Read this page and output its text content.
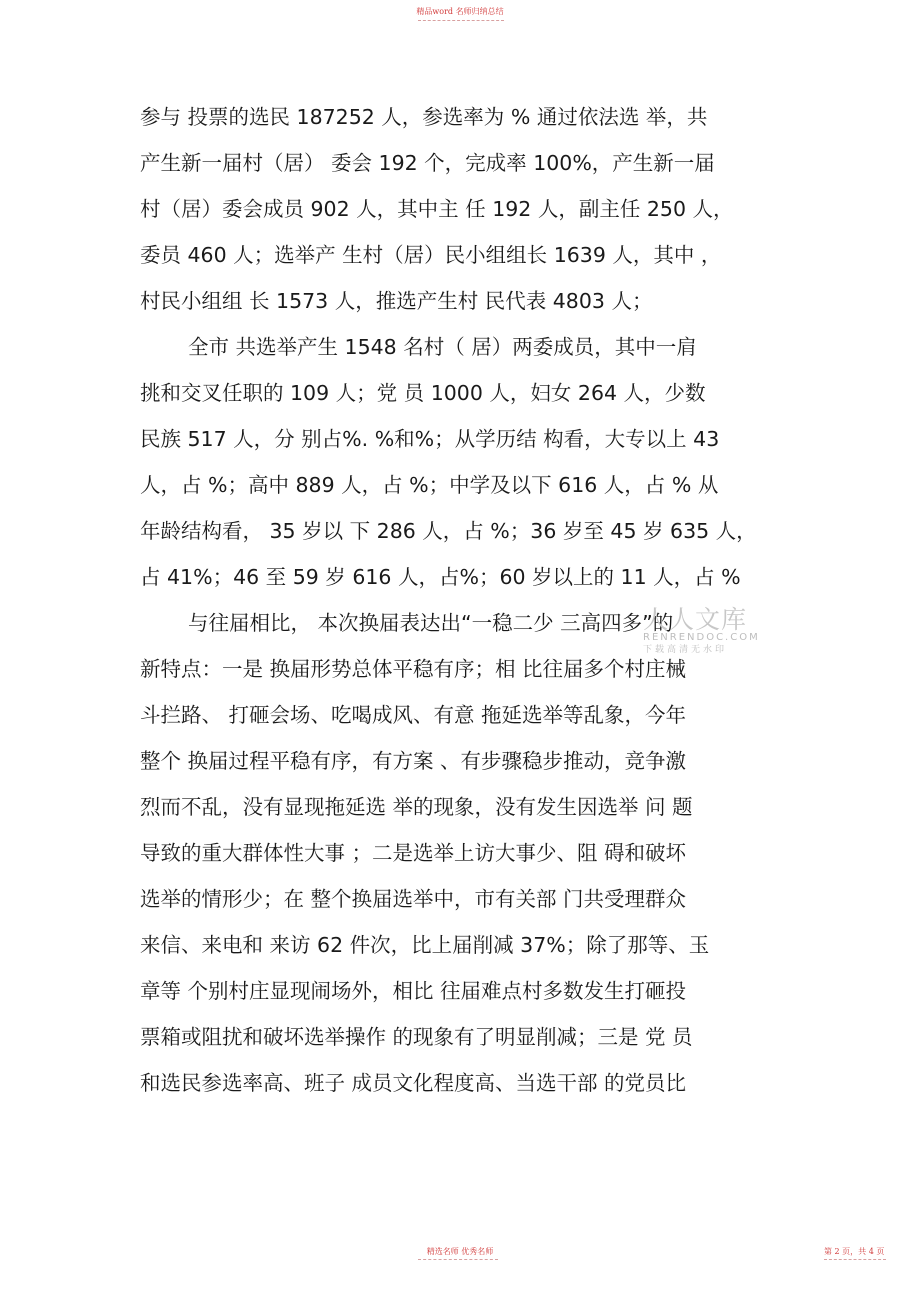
精品word 名师归纳总结
参与 投票的选民 187252 人，参选率为 % 通过依法选 举，共
产生新一届村（居） 委会 192 个，完成率 100%，产生新一届
村（居）委会成员 902 人，其中主 任 192 人，副主任 250 人，
委员 460 人；选举产 生村（居）民小组组长 1639 人，其中 ，
村民小组组 长 1573 人，推选产生村 民代表 4803 人；
全市 共选举产生 1548 名村（ 居）两委成员，其中一肩
挑和交叉任职的 109 人；党 员 1000 人，妇女 264 人，少数
民族 517 人，分 别占%. %和%；从学历结 构看，大专以上 43
人，占 %；高中 889 人，占 %；中学及以下 616 人，占 % 从
年龄结构看， 35 岁以 下 286 人，占 %；36 岁至 45 岁 635 人，
占 41%；46 至 59 岁 616 人，占%；60 岁以上的 11 人，占 %
与往届相比， 本次换届表达出“一稳二少 三高四多”的
新特点：一是 换届形势总体平稳有序；相 比往届多个村庄械
斗拦路、 打砸会场、吃喝成风、有意 拖延选举等乱象，今年
整个 换届过程平稳有序，有方案 、有步骤稳步推动，竞争激
烈而不乱，没有显现拖延选 举的现象，没有发生因选举 问 题
导致的重大群体性大事 ；二是选举上访大事少、阻 碍和破坏
选举的情形少；在 整个换届选举中，市有关部 门共受理群众
来信、来电和 来访 62 件次，比上届削减 37%；除了那等、玉
章等 个别村庄显现闹场外，相比 往届难点村多数发生打砸投
票箱或阻扰和破坏选举操作 的现象有了明显削减；三是 党 员
和选民参选率高、班子 成员文化程度高、当选干部 的党员比
人人文库
RENRENDOC.COM
下载高清无水印
精选名师 优秀名师	第 2 页，共 4 页
